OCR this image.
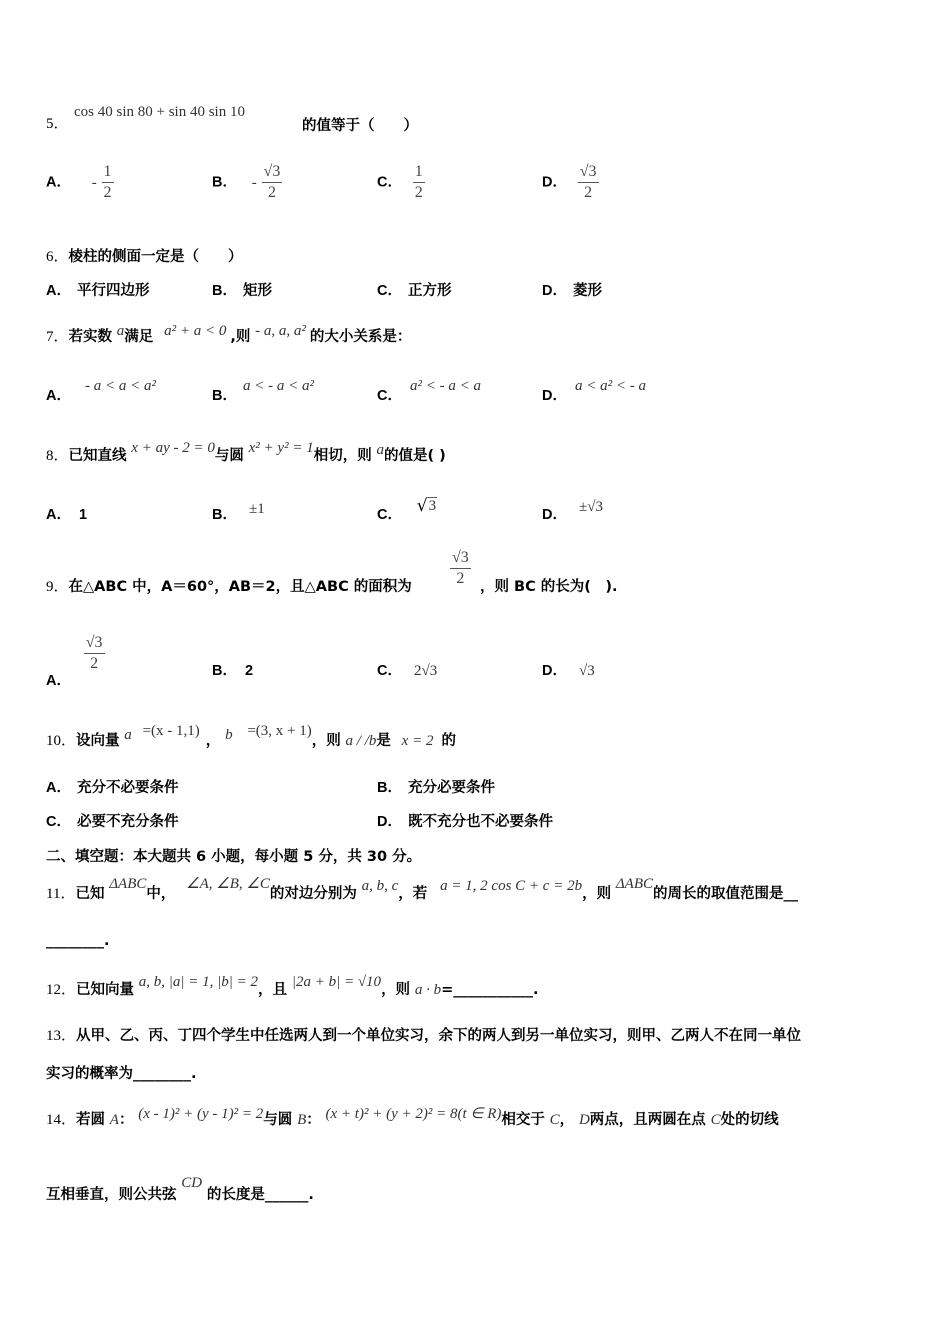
5．
cos 40 sin 80 + sin 40 sin 10
的值等于（　　）
A． - $\frac{1}{2}$	B． - $\frac{√3}{2}$	C． $\frac{1}{2}$	D． $\frac{√3}{2}$
6．棱柱的侧面一定是（　　）
A． 平行四边形	B． 矩形	C． 正方形	D． 菱形
7．若实数 a满足 a² + a < 0 ,则 - a, a, a² 的大小关系是：
A．- a < a < a²
B．a < - a < a²
C．a² < - a < a
D．a < a² < - a
8．已知直线 x + ay - 2 = 0与圆 x² + y² = 1相切，则 a的值是( )
A． 1	B． ±1	C． √ 3
D． ±√3
9．在△ABC 中，A＝60°，AB＝2，且△ABC 的面积为 $\frac{√3}{2}$ ，则 BC 的长为(　).
A．
$\frac{√3}{2}$	B． 2	C． 2√3	D． √3
10．设向量 a =(x - 1,1)， b =(3, x + 1)，则 a / /b是 x = 2 的
A． 充分不必要条件	B． 充分必要条件
C． 必要不充分条件	D． 既不充分也不必要条件
二、填空题：本大题共 6 小题，每小题 5 分，共 30 分。
11．已知 ΔABC中， ∠A, ∠B, ∠C的对边分别为 a, b, c，若 a = 1, 2 cos C + c = 2b，则 ΔABC的周长的取值范围是__
________.
12．已知向量 a, b, |a| = 1, |b| = 2，且 |2a + b| = √10，则 a · b=___________.
13．从甲、乙、丙、丁四个学生中任选两人到一个单位实习，余下的两人到另一单位实习，则甲、乙两人不在同一单位
实习的概率为________.
14．若圆 A： (x - 1)² + (y - 1)² = 2与圆 B： (x + t)² + (y + 2)² = 8(t ∈ R)相交于 C， D两点，且两圆在点 C处的切线
互相垂直，则公共弦 CD 的长度是______.
